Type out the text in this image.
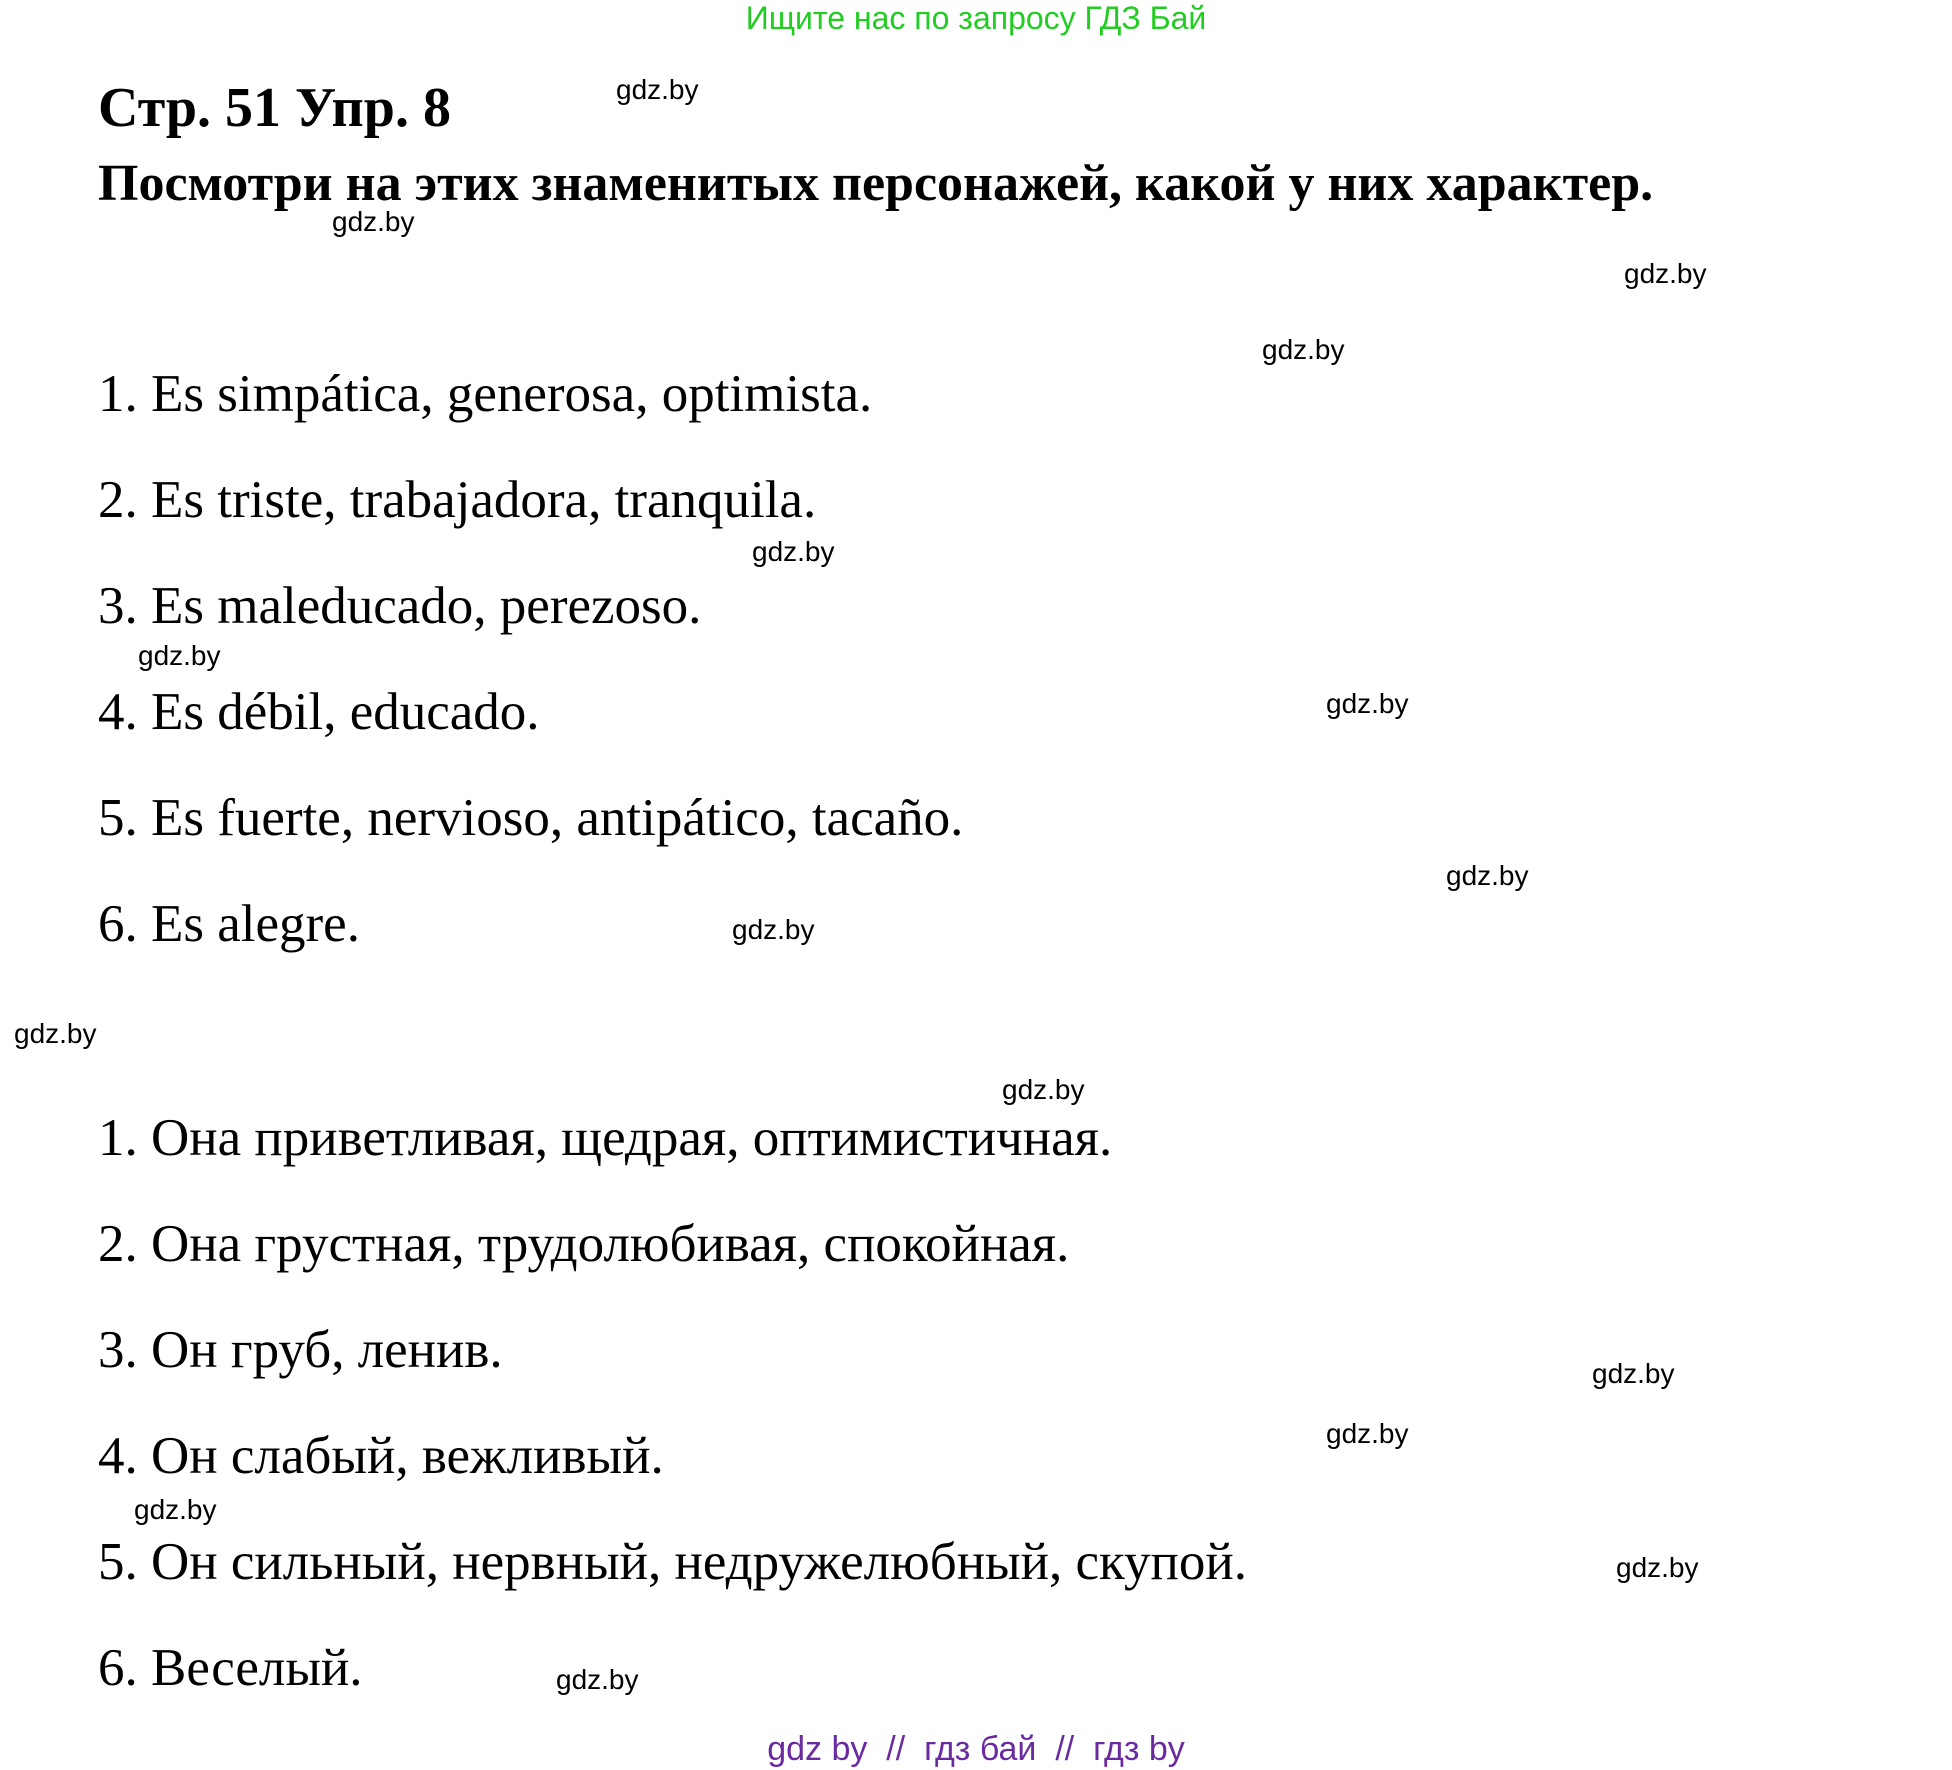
Ищите нас по запросу ГДЗ Бай
Стр. 51 Упр. 8
Посмотри на этих знаменитых персонажей, какой у них характер.
1. Es simpática, generosa, optimista.
2. Es triste, trabajadora, tranquila.
3. Es maleducado, perezoso.
4. Es débil, educado.
5. Es fuerte, nervioso, antipático, tacaño.
6. Es alegre.
1. Она приветливая, щедрая, оптимистичная.
2. Она грустная, трудолюбивая, спокойная.
3. Он груб, ленив.
4. Он слабый, вежливый.
5. Он сильный, нервный, недружелюбный, скупой.
6. Веселый.
gdz.by
gdz.by
gdz.by
gdz.by
gdz.by
gdz.by
gdz.by
gdz.by
gdz.by
gdz.by
gdz.by
gdz.by
gdz.by
gdz.by
gdz.by
gdz.by
gdz by  //  гдз бай  //  гдз by
